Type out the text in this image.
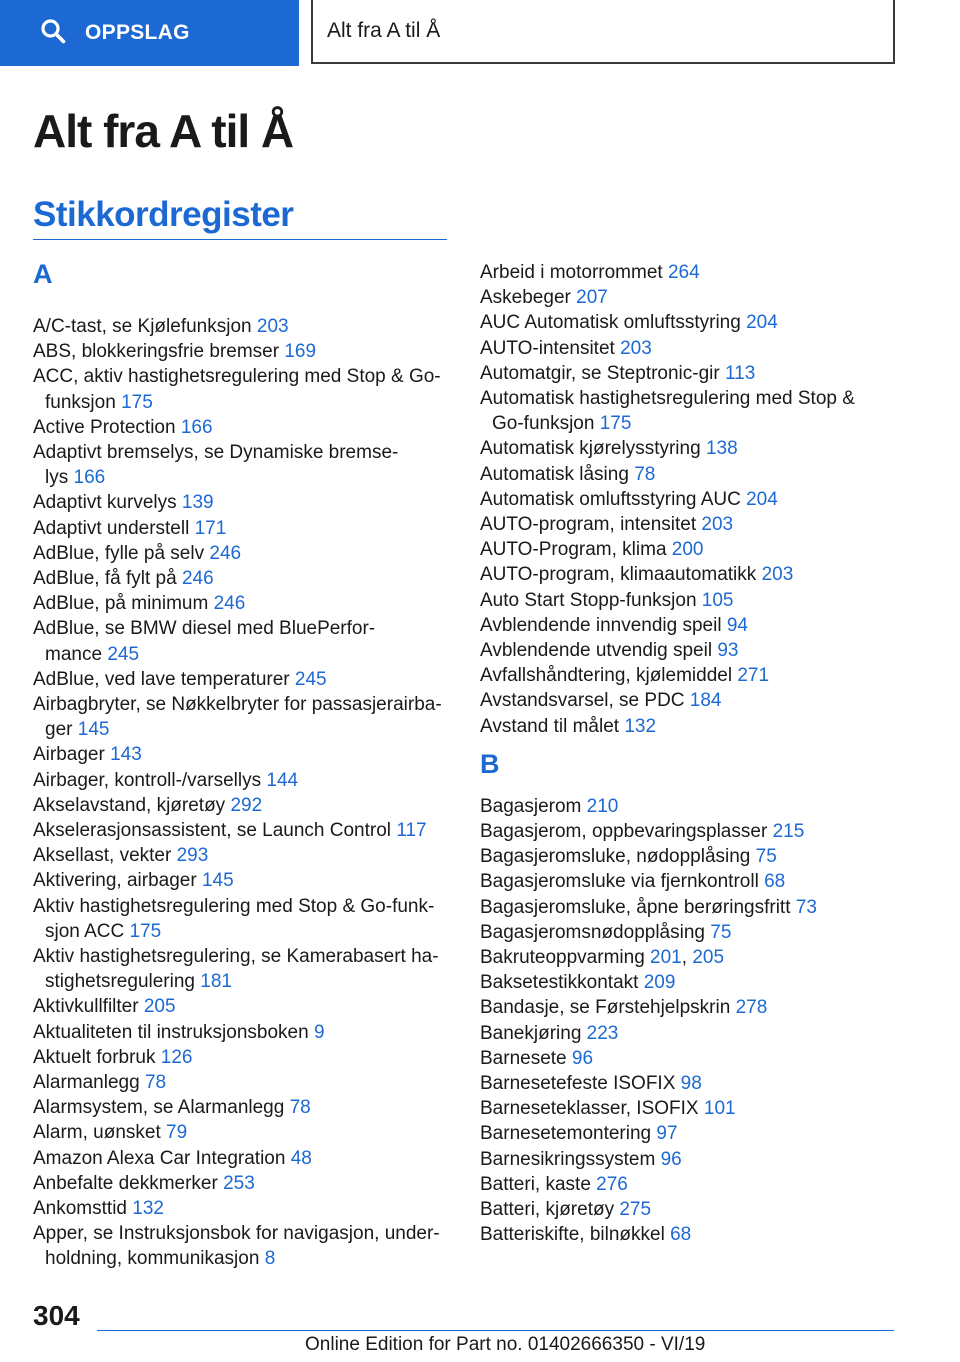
OPPSLAG	Alt fra A til Å
Alt fra A til Å
Stikkordregister
A
A/C-tast, se Kjølefunksjon 203
ABS, blokkeringsfrie bremser 169
ACC, aktiv hastighetsregulering med Stop & Go-
funksjon 175
Active Protection 166
Adaptivt bremselys, se Dynamiske bremse-
lys 166
Adaptivt kurvelys 139
Adaptivt understell 171
AdBlue, fylle på selv 246
AdBlue, få fylt på 246
AdBlue, på minimum 246
AdBlue, se BMW diesel med BluePerfor-
mance 245
AdBlue, ved lave temperaturer 245
Airbagbryter, se Nøkkelbryter for passasjerairba-
ger 145
Airbager 143
Airbager, kontroll-/varsellys 144
Akselavstand, kjøretøy 292
Akselerasjonsassistent, se Launch Control 117
Aksellast, vekter 293
Aktivering, airbager 145
Aktiv hastighetsregulering med Stop & Go-funk-
sjon ACC 175
Aktiv hastighetsregulering, se Kamerabasert ha-
stighetsregulering 181
Aktivkullfilter 205
Aktualiteten til instruksjonsboken 9
Aktuelt forbruk 126
Alarmanlegg 78
Alarmsystem, se Alarmanlegg 78
Alarm, uønsket 79
Amazon Alexa Car Integration 48
Anbefalte dekkmerker 253
Ankomsttid 132
Apper, se Instruksjonsbok for navigasjon, under-
holdning, kommunikasjon 8
Arbeid i motorrommet 264
Askebeger 207
AUC Automatisk omluftsstyring 204
AUTO-intensitet 203
Automatgir, se Steptronic-gir 113
Automatisk hastighetsregulering med Stop &
Go-funksjon 175
Automatisk kjørelysstyring 138
Automatisk låsing 78
Automatisk omluftsstyring AUC 204
AUTO-program, intensitet 203
AUTO-Program, klima 200
AUTO-program, klimaautomatikk 203
Auto Start Stopp-funksjon 105
Avblendende innvendig speil 94
Avblendende utvendig speil 93
Avfallshåndtering, kjølemiddel 271
Avstandsvarsel, se PDC 184
Avstand til målet 132
B
Bagasjerom 210
Bagasjerom, oppbevaringsplasser 215
Bagasjeromsluke, nødopplåsing 75
Bagasjeromsluke via fjernkontroll 68
Bagasjeromsluke, åpne berøringsfritt 73
Bagasjeromsnødopplåsing 75
Bakruteoppvarming 201, 205
Baksetestikkontakt 209
Bandasje, se Førstehjelpskrin 278
Banekjøring 223
Barnesete 96
Barnesetefeste ISOFIX 98
Barneseteklasser, ISOFIX 101
Barnesetemontering 97
Barnesikringssystem 96
Batteri, kaste 276
Batteri, kjøretøy 275
Batteriskifte, bilnøkkel 68

304

Online Edition for Part no. 01402666350 - VI/19
